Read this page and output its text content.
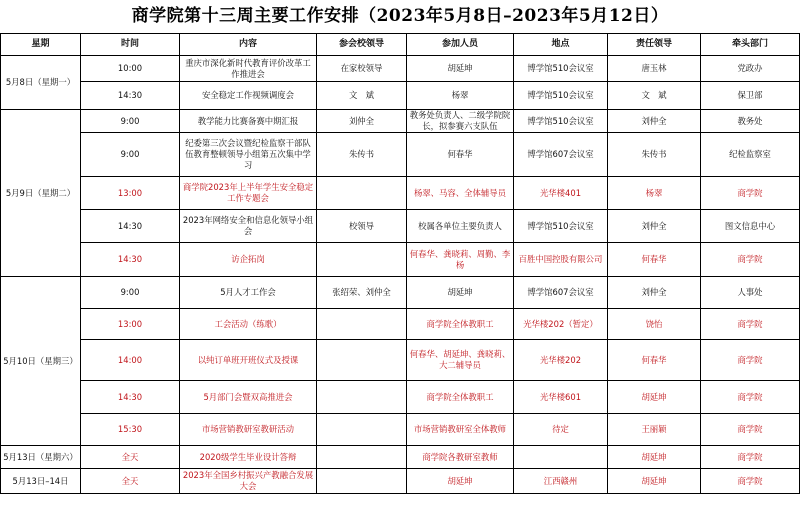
商学院第十三周主要工作安排（2023年5月8日–2023年5月12日）
星期	时间	内容	参会校领导	参加人员	地点	责任领导	牵头部门
5月8日（星期一）	10:00	重庆市深化新时代教育评价改革工作推进会	在家校领导	胡延坤	博学馆510会议室	唐玉林	党政办
	14:30	安全稳定工作视频调度会	文　斌	杨翠	博学馆510会议室	文　斌	保卫部
5月9日（星期二）	9:00	教学能力比赛备赛中期汇报	刘仲全	教务处负责人、二级学院院长，拟参赛六支队伍	博学馆510会议室	刘仲全	教务处
	9:00	纪委第三次会议暨纪检监察干部队伍教育整顿领导小组第五次集中学习	朱传书	何春华	博学馆607会议室	朱传书	纪检监察室
	13:00	商学院2023年上半年学生安全稳定工作专题会		杨翠、马容、全体辅导员	光华楼401	杨翠	商学院
	14:30	2023年网络安全和信息化领导小组会	校领导	校属各单位主要负责人	博学馆510会议室	刘仲全	图文信息中心
	14:30	访企拓岗		何春华、龚晓莉、周勤、李杨	百胜中国控股有限公司	何春华	商学院
5月10日（星期三）	9:00	5月人才工作会	张绍荣、刘仲全	胡延坤	博学馆607会议室	刘仲全	人事处
	13:00	工会活动（练歌）		商学院全体教职工	光华楼202（暂定）	饶怡	商学院
	14:00	以纯订单班开班仪式及授课		何春华、胡延坤、龚晓莉、大二辅导员	光华楼202	何春华	商学院
	14:30	5月部门会暨双高推进会		商学院全体教职工	光华楼601	胡延坤	商学院
	15:30	市场营销教研室教研活动		市场营销教研室全体教师	待定	王丽颖	商学院
5月13日（星期六）	全天	2020级学生毕业设计答辩		商学院各教研室教师		胡延坤	商学院
5月13日–14日	全天	2023年全国乡村振兴产教融合发展大会		胡延坤	江西赣州	胡延坤	商学院
